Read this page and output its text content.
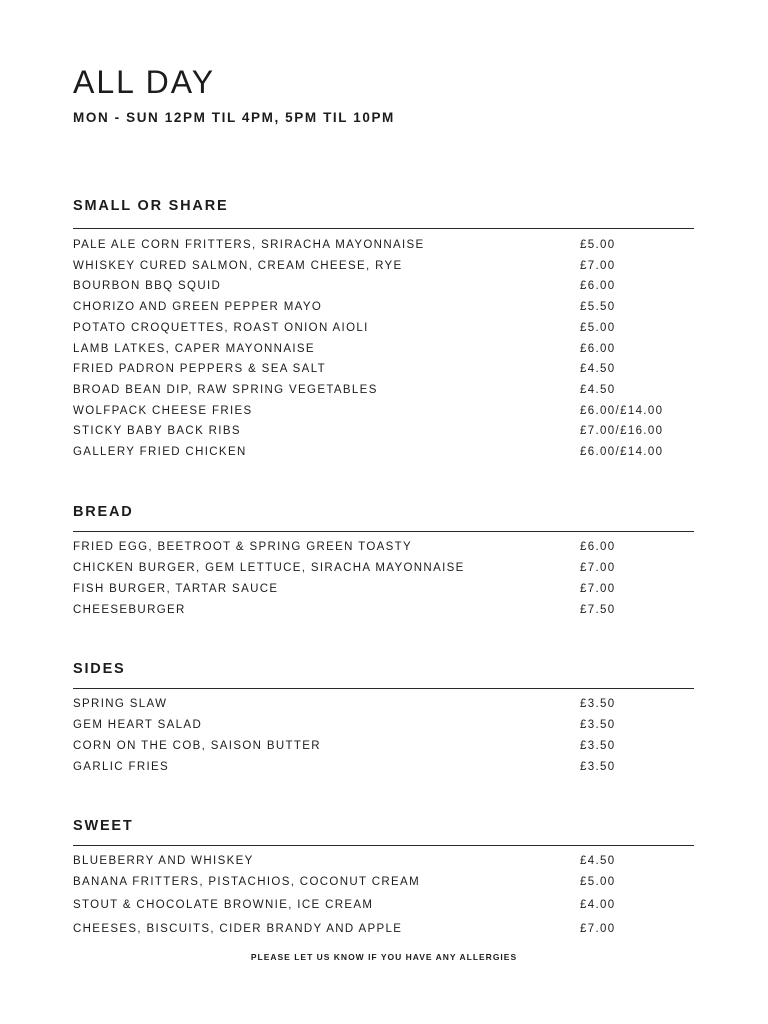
ALL DAY

MON - SUN 12PM TIL 4PM, 5PM TIL 10PM

SMALL OR SHARE
PALE ALE CORN FRITTERS, SRIRACHA MAYONNAISE	£5.00
WHISKEY CURED SALMON, CREAM CHEESE, RYE	£7.00
BOURBON BBQ SQUID	£6.00
CHORIZO AND GREEN PEPPER MAYO	£5.50
POTATO CROQUETTES, ROAST ONION AIOLI	£5.00
LAMB LATKES, CAPER MAYONNAISE	£6.00
FRIED PADRON PEPPERS & SEA SALT	£4.50
BROAD BEAN DIP, RAW SPRING VEGETABLES	£4.50
WOLFPACK CHEESE FRIES	£6.00/£14.00
STICKY BABY BACK RIBS	£7.00/£16.00
GALLERY FRIED CHICKEN	£6.00/£14.00
BREAD
FRIED EGG, BEETROOT & SPRING GREEN TOASTY	£6.00
CHICKEN BURGER, GEM LETTUCE, SIRACHA MAYONNAISE	£7.00
FISH BURGER, TARTAR SAUCE	£7.00
CHEESEBURGER	£7.50
SIDES
SPRING SLAW	£3.50
GEM HEART SALAD	£3.50
CORN ON THE COB, SAISON BUTTER	£3.50
GARLIC FRIES	£3.50
SWEET
BLUEBERRY AND WHISKEY	£4.50
BANANA FRITTERS, PISTACHIOS, COCONUT CREAM	£5.00
STOUT & CHOCOLATE BROWNIE, ICE CREAM	£4.00
CHEESES, BISCUITS, CIDER BRANDY AND APPLE	£7.00

PLEASE LET US KNOW IF YOU HAVE ANY ALLERGIES
